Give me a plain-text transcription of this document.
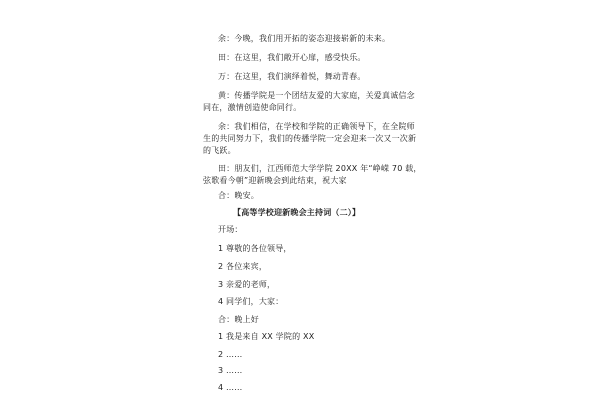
余：今晚，我们用开拓的姿态迎接崭新的未来。
田：在这里，我们敞开心扉，感受快乐。
万：在这里，我们演绎着悦，舞动青春。
黄：传播学院是一个团结友爱的大家庭，关爱真诚信念
同在，激情创造使命同行。
余：我们相信，在学校和学院的正确领导下，在全院师
生的共同努力下，我们的传播学院一定会迎来一次又一次新
的飞跃。
田：朋友们，江西师范大学学院 20XX 年“峥嵘 70 载，
弦歌看今朝”迎新晚会到此结束，祝大家
合：晚安。
【高等学校迎新晚会主持词（二）】
开场：
1 尊敬的各位领导，
2 各位来宾，
3 亲爱的老师，
4 同学们，大家：
合：晚上好
1 我是来自 XX 学院的 XX
2 ……
3 ……
4 ……
